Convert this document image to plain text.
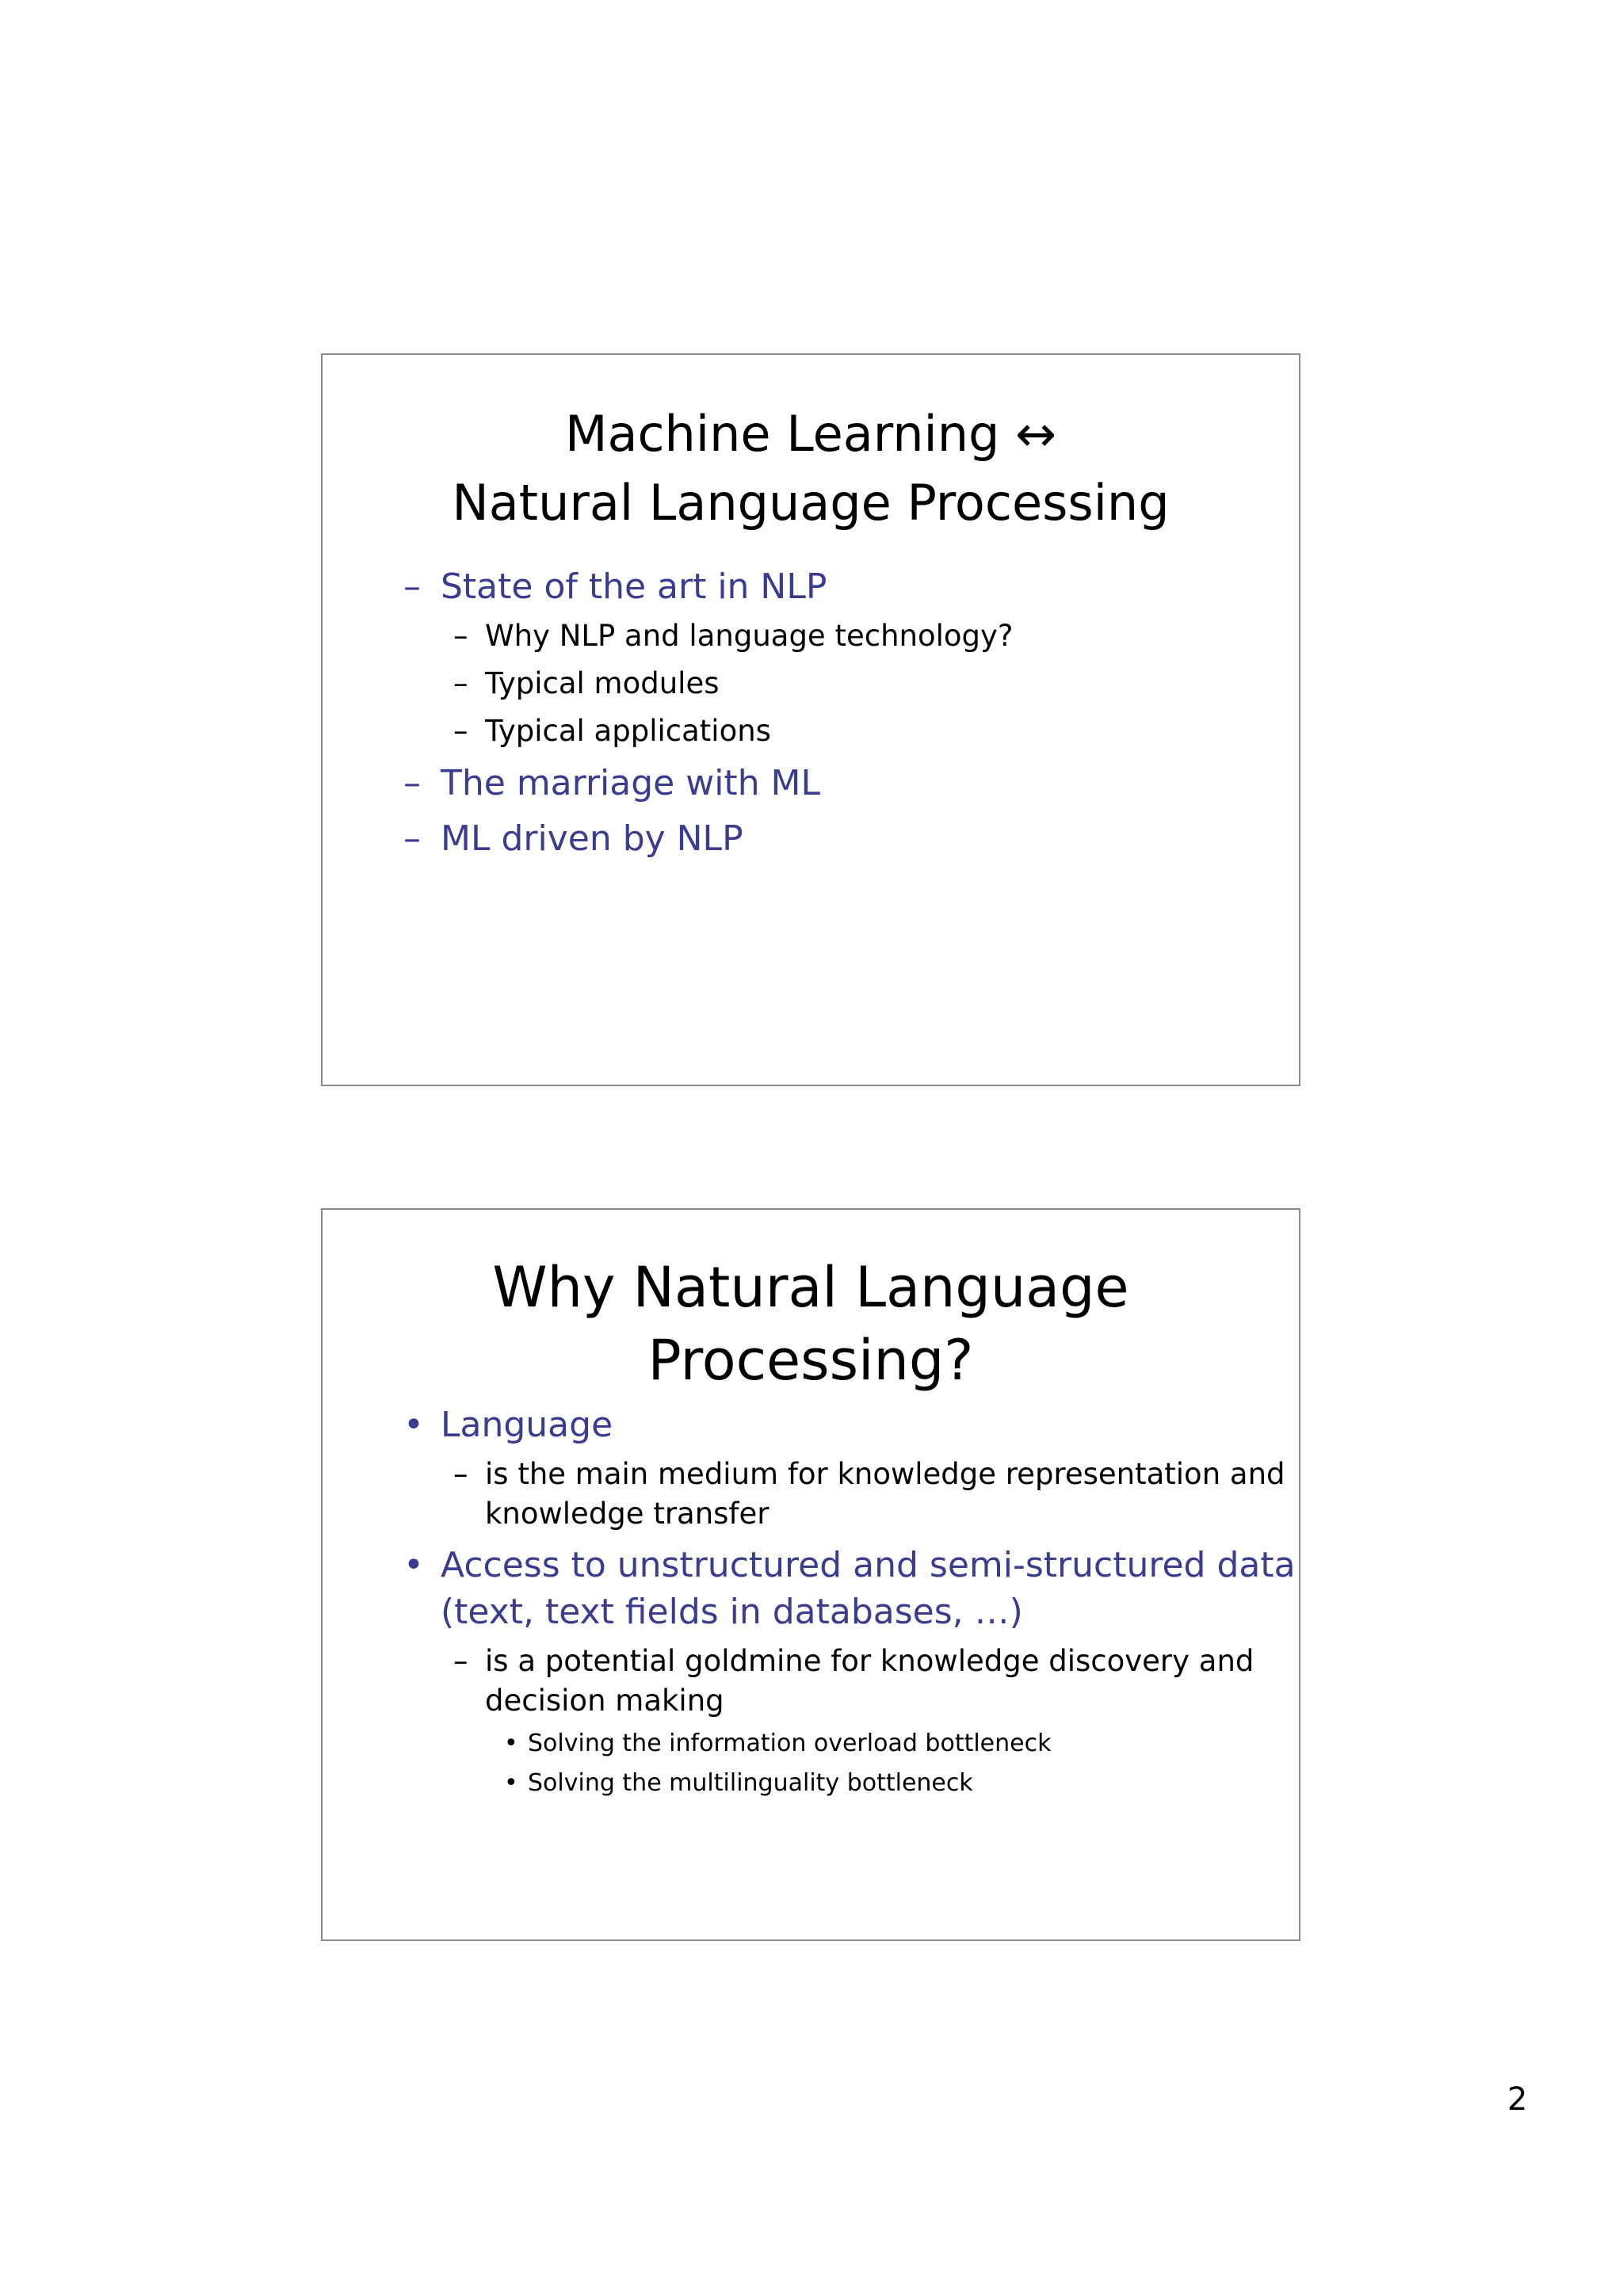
Machine Learning ↔
Natural Language Processing
– State of the art in NLP
– Why NLP and language technology?
– Typical modules
– Typical applications
– The marriage with ML
– ML driven by NLP
Why Natural Language
Processing?
• Language
– is the main medium for knowledge representation and
knowledge transfer
• Access to unstructured and semi-structured data
(text, text fields in databases, …)
– is a potential goldmine for knowledge discovery and
decision making
• Solving the information overload bottleneck
• Solving the multilinguality bottleneck
2
